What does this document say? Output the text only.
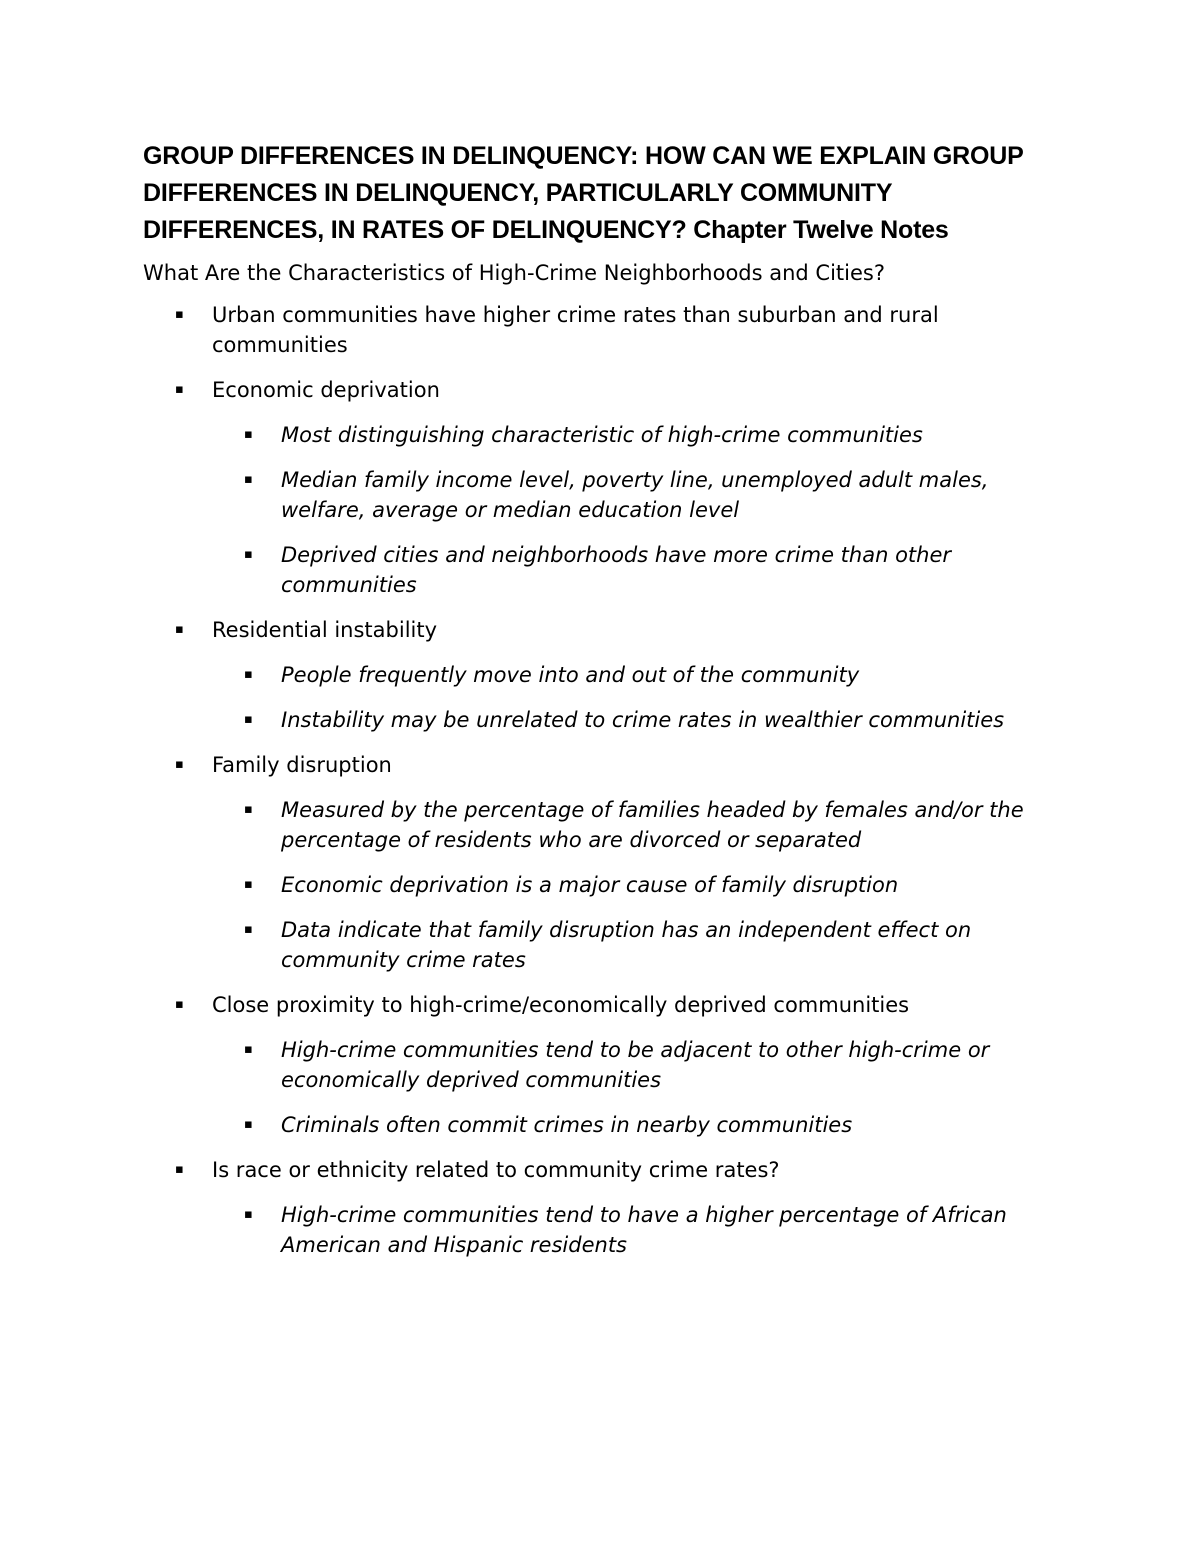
GROUP DIFFERENCES IN DELINQUENCY: HOW CAN WE EXPLAIN GROUP DIFFERENCES IN DELINQUENCY, PARTICULARLY COMMUNITY DIFFERENCES, IN RATES OF DELINQUENCY? Chapter Twelve Notes

What Are the Characteristics of High-Crime Neighborhoods and Cities?

▪ Urban communities have higher crime rates than suburban and rural communities
▪ Economic deprivation
▪ Most distinguishing characteristic of high-crime communities
▪ Median family income level, poverty line, unemployed adult males, welfare, average or median education level
▪ Deprived cities and neighborhoods have more crime than other communities
▪ Residential instability
▪ People frequently move into and out of the community
▪ Instability may be unrelated to crime rates in wealthier communities
▪ Family disruption
▪ Measured by the percentage of families headed by females and/or the percentage of residents who are divorced or separated
▪ Economic deprivation is a major cause of family disruption
▪ Data indicate that family disruption has an independent effect on community crime rates
▪ Close proximity to high-crime/economically deprived communities
▪ High-crime communities tend to be adjacent to other high-crime or economically deprived communities
▪ Criminals often commit crimes in nearby communities
▪ Is race or ethnicity related to community crime rates?
▪ High-crime communities tend to have a higher percentage of African American and Hispanic residents
